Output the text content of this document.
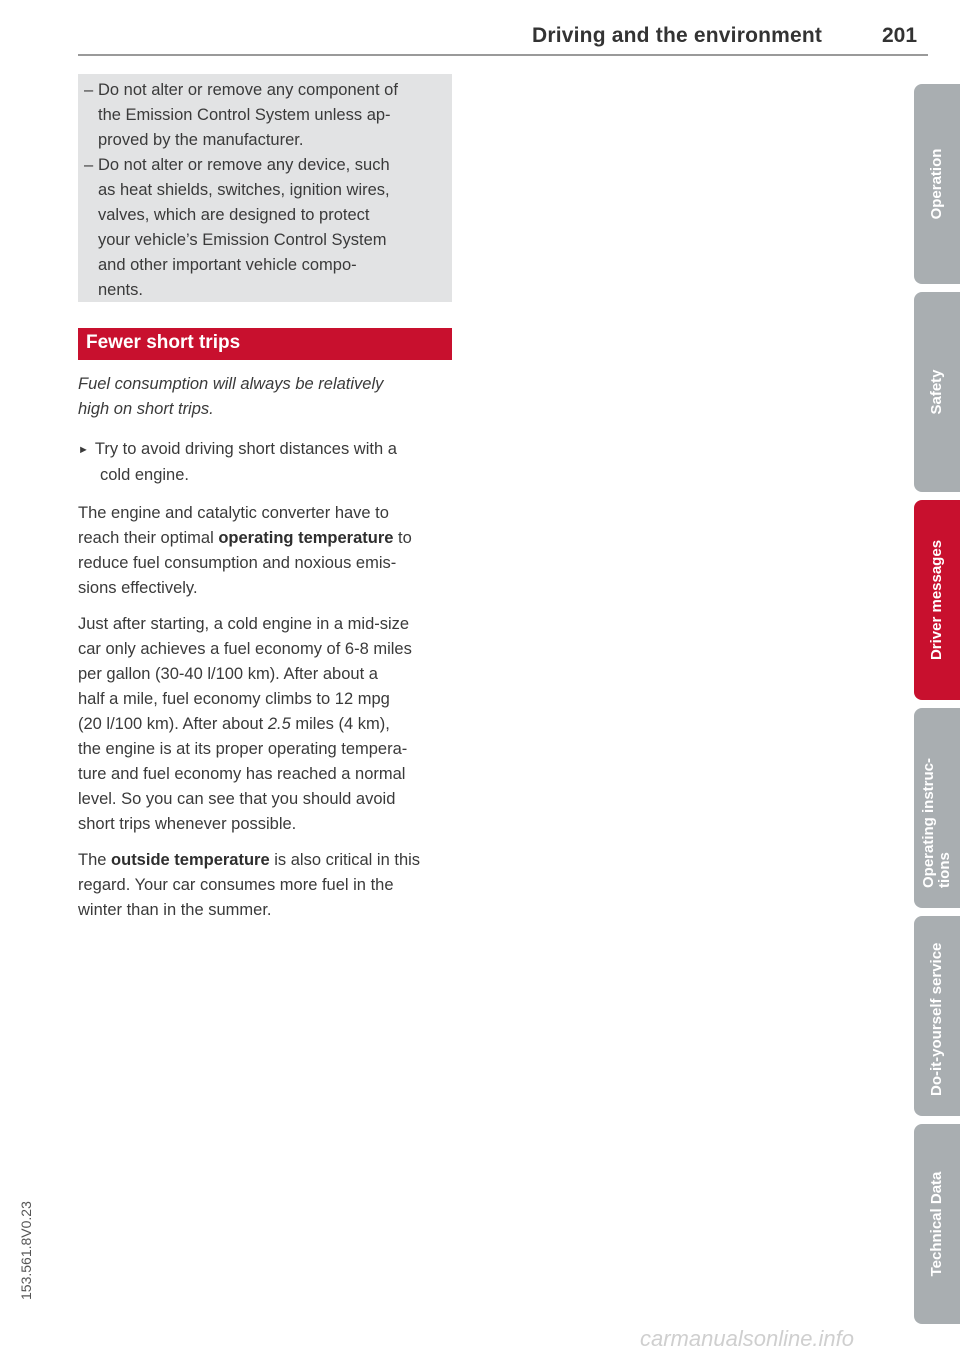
Driving and the environment	201
– Do not alter or remove any component of
the Emission Control System unless ap-
proved by the manufacturer.
– Do not alter or remove any device, such
as heat shields, switches, ignition wires,
valves, which are designed to protect
your vehicle’s Emission Control System
and other important vehicle compo-
nents.
Fewer short trips
Fuel consumption will always be relatively
high on short trips.
► Try to avoid driving short distances with a
cold engine.
The engine and catalytic converter have to
reach their optimal operating temperature to
reduce fuel consumption and noxious emis-
sions effectively.
Just after starting, a cold engine in a mid-size
car only achieves a fuel economy of 6-8 miles
per gallon (30-40 l/100 km). After about a
half a mile, fuel economy climbs to 12 mpg
(20 l/100 km). After about 2.5 miles (4 km),
the engine is at its proper operating tempera-
ture and fuel economy has reached a normal
level. So you can see that you should avoid
short trips whenever possible.
The outside temperature is also critical in this
regard. Your car consumes more fuel in the
winter than in the summer.
Operation
Safety
Driver messages
Operating instruc- tions
Do-it-yourself service
Technical Data
153.561.8V0.23
carmanualsonline.info
